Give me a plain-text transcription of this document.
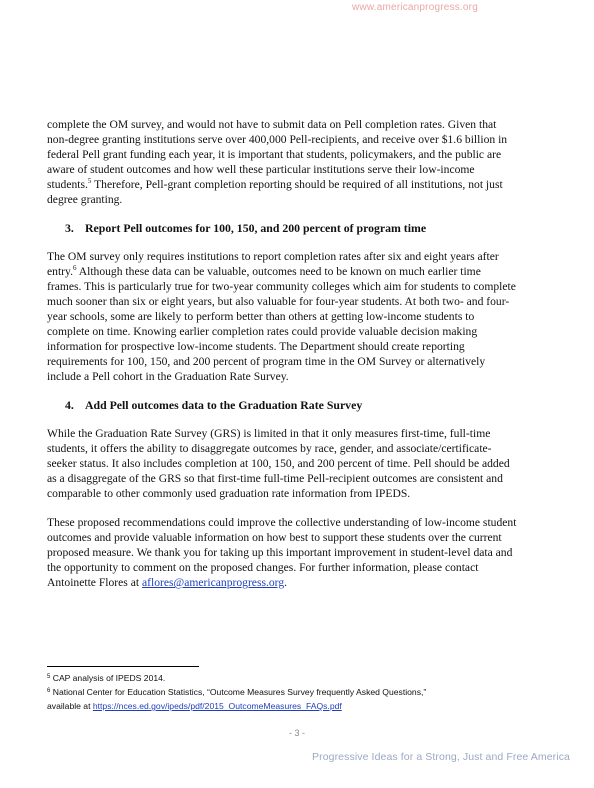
www.americanprogress.org

complete the OM survey, and would not have to submit data on Pell completion rates. Given that non-degree granting institutions serve over 400,000 Pell-recipients, and receive over $1.6 billion in federal Pell grant funding each year, it is important that students, policymakers, and the public are aware of student outcomes and how well these particular institutions serve their low-income students.$^5$ Therefore, Pell-grant completion reporting should be required of all institutions, not just degree granting.

3. Report Pell outcomes for 100, 150, and 200 percent of program time

The OM survey only requires institutions to report completion rates after six and eight years after entry.$^6$ Although these data can be valuable, outcomes need to be known on much earlier time frames. This is particularly true for two-year community colleges which aim for students to complete much sooner than six or eight years, but also valuable for four-year students. At both two- and four-year schools, some are likely to perform better than others at getting low-income students to complete on time. Knowing earlier completion rates could provide valuable decision making information for prospective low-income students. The Department should create reporting requirements for 100, 150, and 200 percent of program time in the OM Survey or alternatively include a Pell cohort in the Graduation Rate Survey.

4. Add Pell outcomes data to the Graduation Rate Survey

While the Graduation Rate Survey (GRS) is limited in that it only measures first-time, full-time students, it offers the ability to disaggregate outcomes by race, gender, and associate/certificate-seeker status. It also includes completion at 100, 150, and 200 percent of time. Pell should be added as a disaggregate of the GRS so that first-time full-time Pell-recipient outcomes are consistent and comparable to other commonly used graduation rate information from IPEDS.

These proposed recommendations could improve the collective understanding of low-income student outcomes and provide valuable information on how best to support these students over the current proposed measure. We thank you for taking up this important improvement in student-level data and the opportunity to comment on the proposed changes. For further information, please contact Antoinette Flores at aflores@americanprogress.org.

$^5$ CAP analysis of IPEDS 2014.
$^6$ National Center for Education Statistics, “Outcome Measures Survey frequently Asked Questions,”
available at https://nces.ed.gov/ipeds/pdf/2015_OutcomeMeasures_FAQs.pdf
- 3 -
Progressive Ideas for a Strong, Just and Free America
